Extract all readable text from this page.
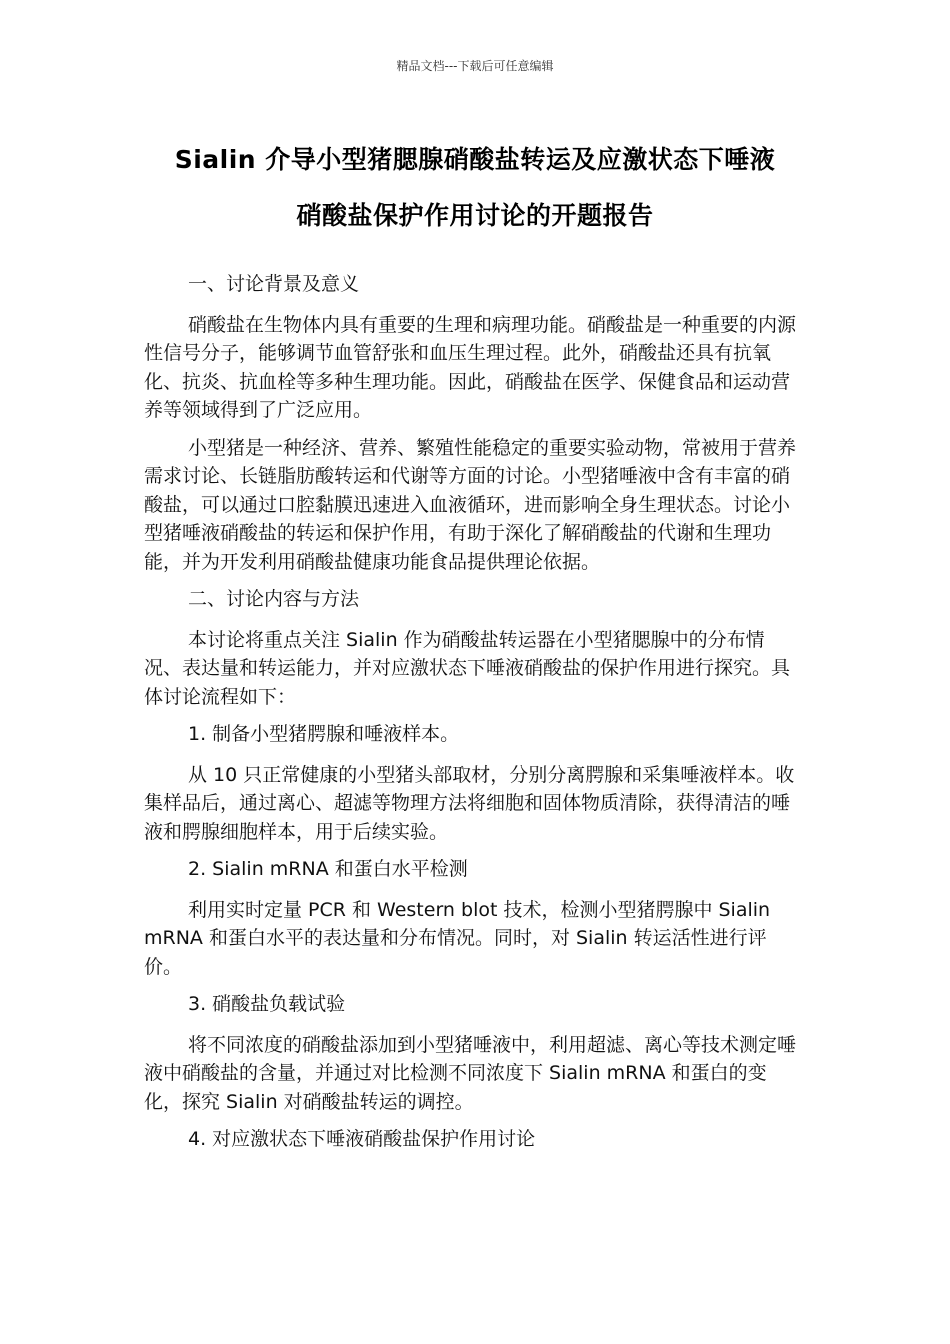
精品文档---下载后可任意编辑
Sialin 介导小型猪腮腺硝酸盐转运及应激状态下唾液
硝酸盐保护作用讨论的开题报告

一、讨论背景及意义

硝酸盐在生物体内具有重要的生理和病理功能。硝酸盐是一种重要的内源性信号分子，能够调节血管舒张和血压生理过程。此外，硝酸盐还具有抗氧化、抗炎、抗血栓等多种生理功能。因此，硝酸盐在医学、保健食品和运动营养等领域得到了广泛应用。

小型猪是一种经济、营养、繁殖性能稳定的重要实验动物，常被用于营养需求讨论、长链脂肪酸转运和代谢等方面的讨论。小型猪唾液中含有丰富的硝酸盐，可以通过口腔黏膜迅速进入血液循环，进而影响全身生理状态。讨论小型猪唾液硝酸盐的转运和保护作用，有助于深化了解硝酸盐的代谢和生理功能，并为开发利用硝酸盐健康功能食品提供理论依据。

二、讨论内容与方法

本讨论将重点关注 Sialin 作为硝酸盐转运器在小型猪腮腺中的分布情况、表达量和转运能力，并对应激状态下唾液硝酸盐的保护作用进行探究。具体讨论流程如下：

1. 制备小型猪腭腺和唾液样本。

从 10 只正常健康的小型猪头部取材，分别分离腭腺和采集唾液样本。收集样品后，通过离心、超滤等物理方法将细胞和固体物质清除，获得清洁的唾液和腭腺细胞样本，用于后续实验。

2. Sialin mRNA 和蛋白水平检测

利用实时定量 PCR 和 Western blot 技术，检测小型猪腭腺中 Sialin mRNA 和蛋白水平的表达量和分布情况。同时，对 Sialin 转运活性进行评价。

3. 硝酸盐负载试验

将不同浓度的硝酸盐添加到小型猪唾液中，利用超滤、离心等技术测定唾液中硝酸盐的含量，并通过对比检测不同浓度下 Sialin mRNA 和蛋白的变化，探究 Sialin 对硝酸盐转运的调控。

4. 对应激状态下唾液硝酸盐保护作用讨论
